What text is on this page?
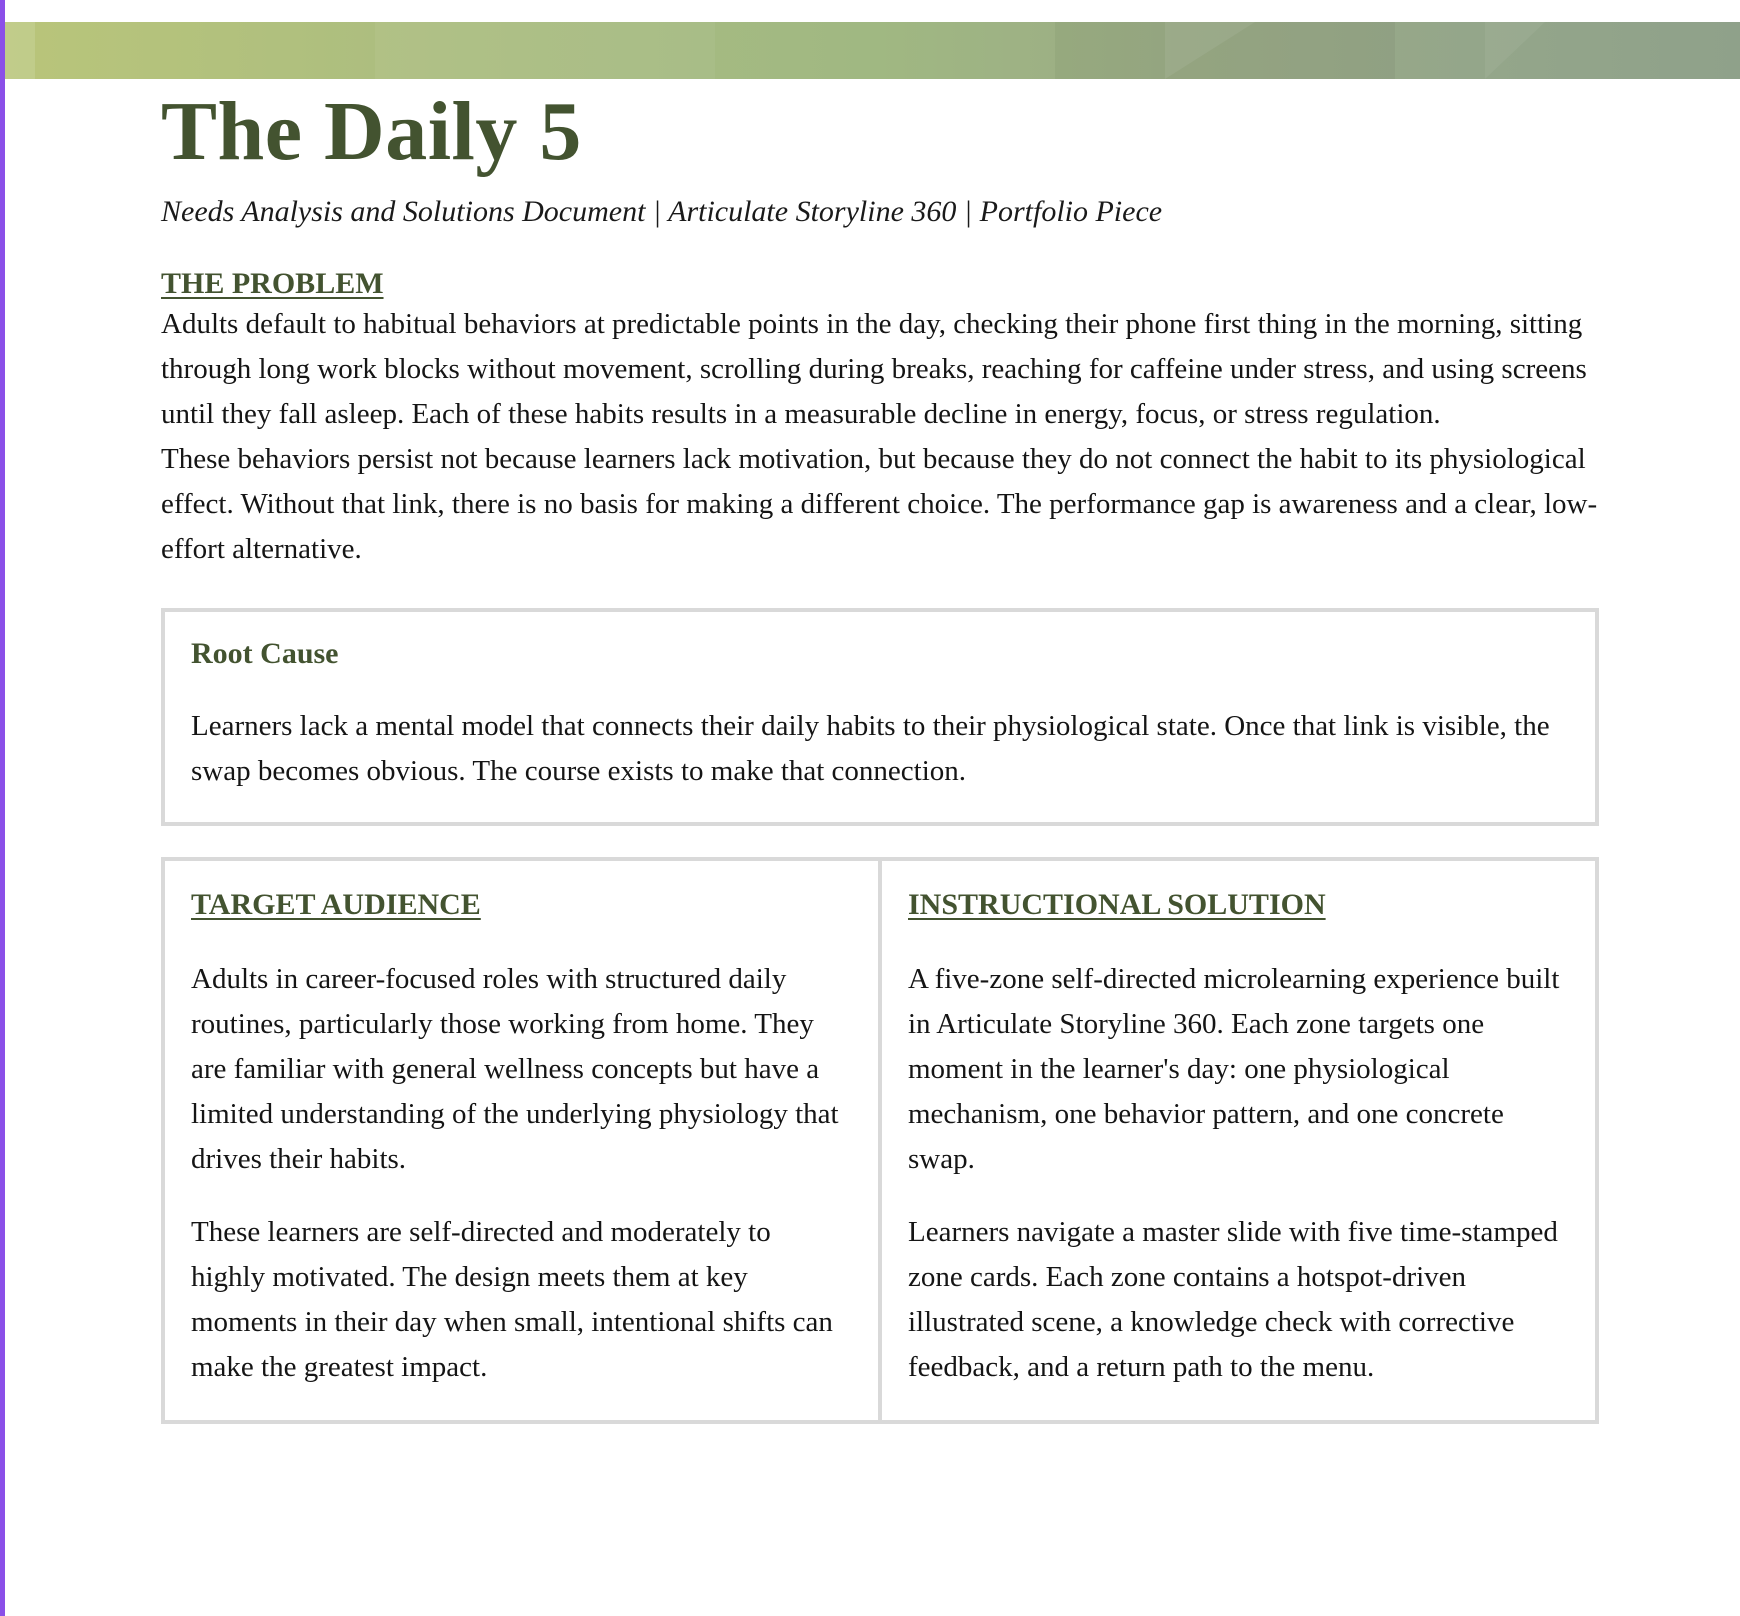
The Daily 5
Needs Analysis and Solutions Document | Articulate Storyline 360 | Portfolio Piece
THE PROBLEM

Adults default to habitual behaviors at predictable points in the day, checking their phone first thing in the morning, sitting through long work blocks without movement, scrolling during breaks, reaching for caffeine under stress, and using screens until they fall asleep. Each of these habits results in a measurable decline in energy, focus, or stress regulation.

These behaviors persist not because learners lack motivation, but because they do not connect the habit to its physiological effect. Without that link, there is no basis for making a different choice. The performance gap is awareness and a clear, low-effort alternative.

Root Cause

Learners lack a mental model that connects their daily habits to their physiological state. Once that link is visible, the swap becomes obvious. The course exists to make that connection.

TARGET AUDIENCE

Adults in career-focused roles with structured daily routines, particularly those working from home. They are familiar with general wellness concepts but have a limited understanding of the underlying physiology that drives their habits.

These learners are self-directed and moderately to highly motivated. The design meets them at key moments in their day when small, intentional shifts can make the greatest impact.

INSTRUCTIONAL SOLUTION

A five-zone self-directed microlearning experience built in Articulate Storyline 360. Each zone targets one moment in the learner's day: one physiological mechanism, one behavior pattern, and one concrete swap.

Learners navigate a master slide with five time-stamped zone cards. Each zone contains a hotspot-driven illustrated scene, a knowledge check with corrective feedback, and a return path to the menu.
